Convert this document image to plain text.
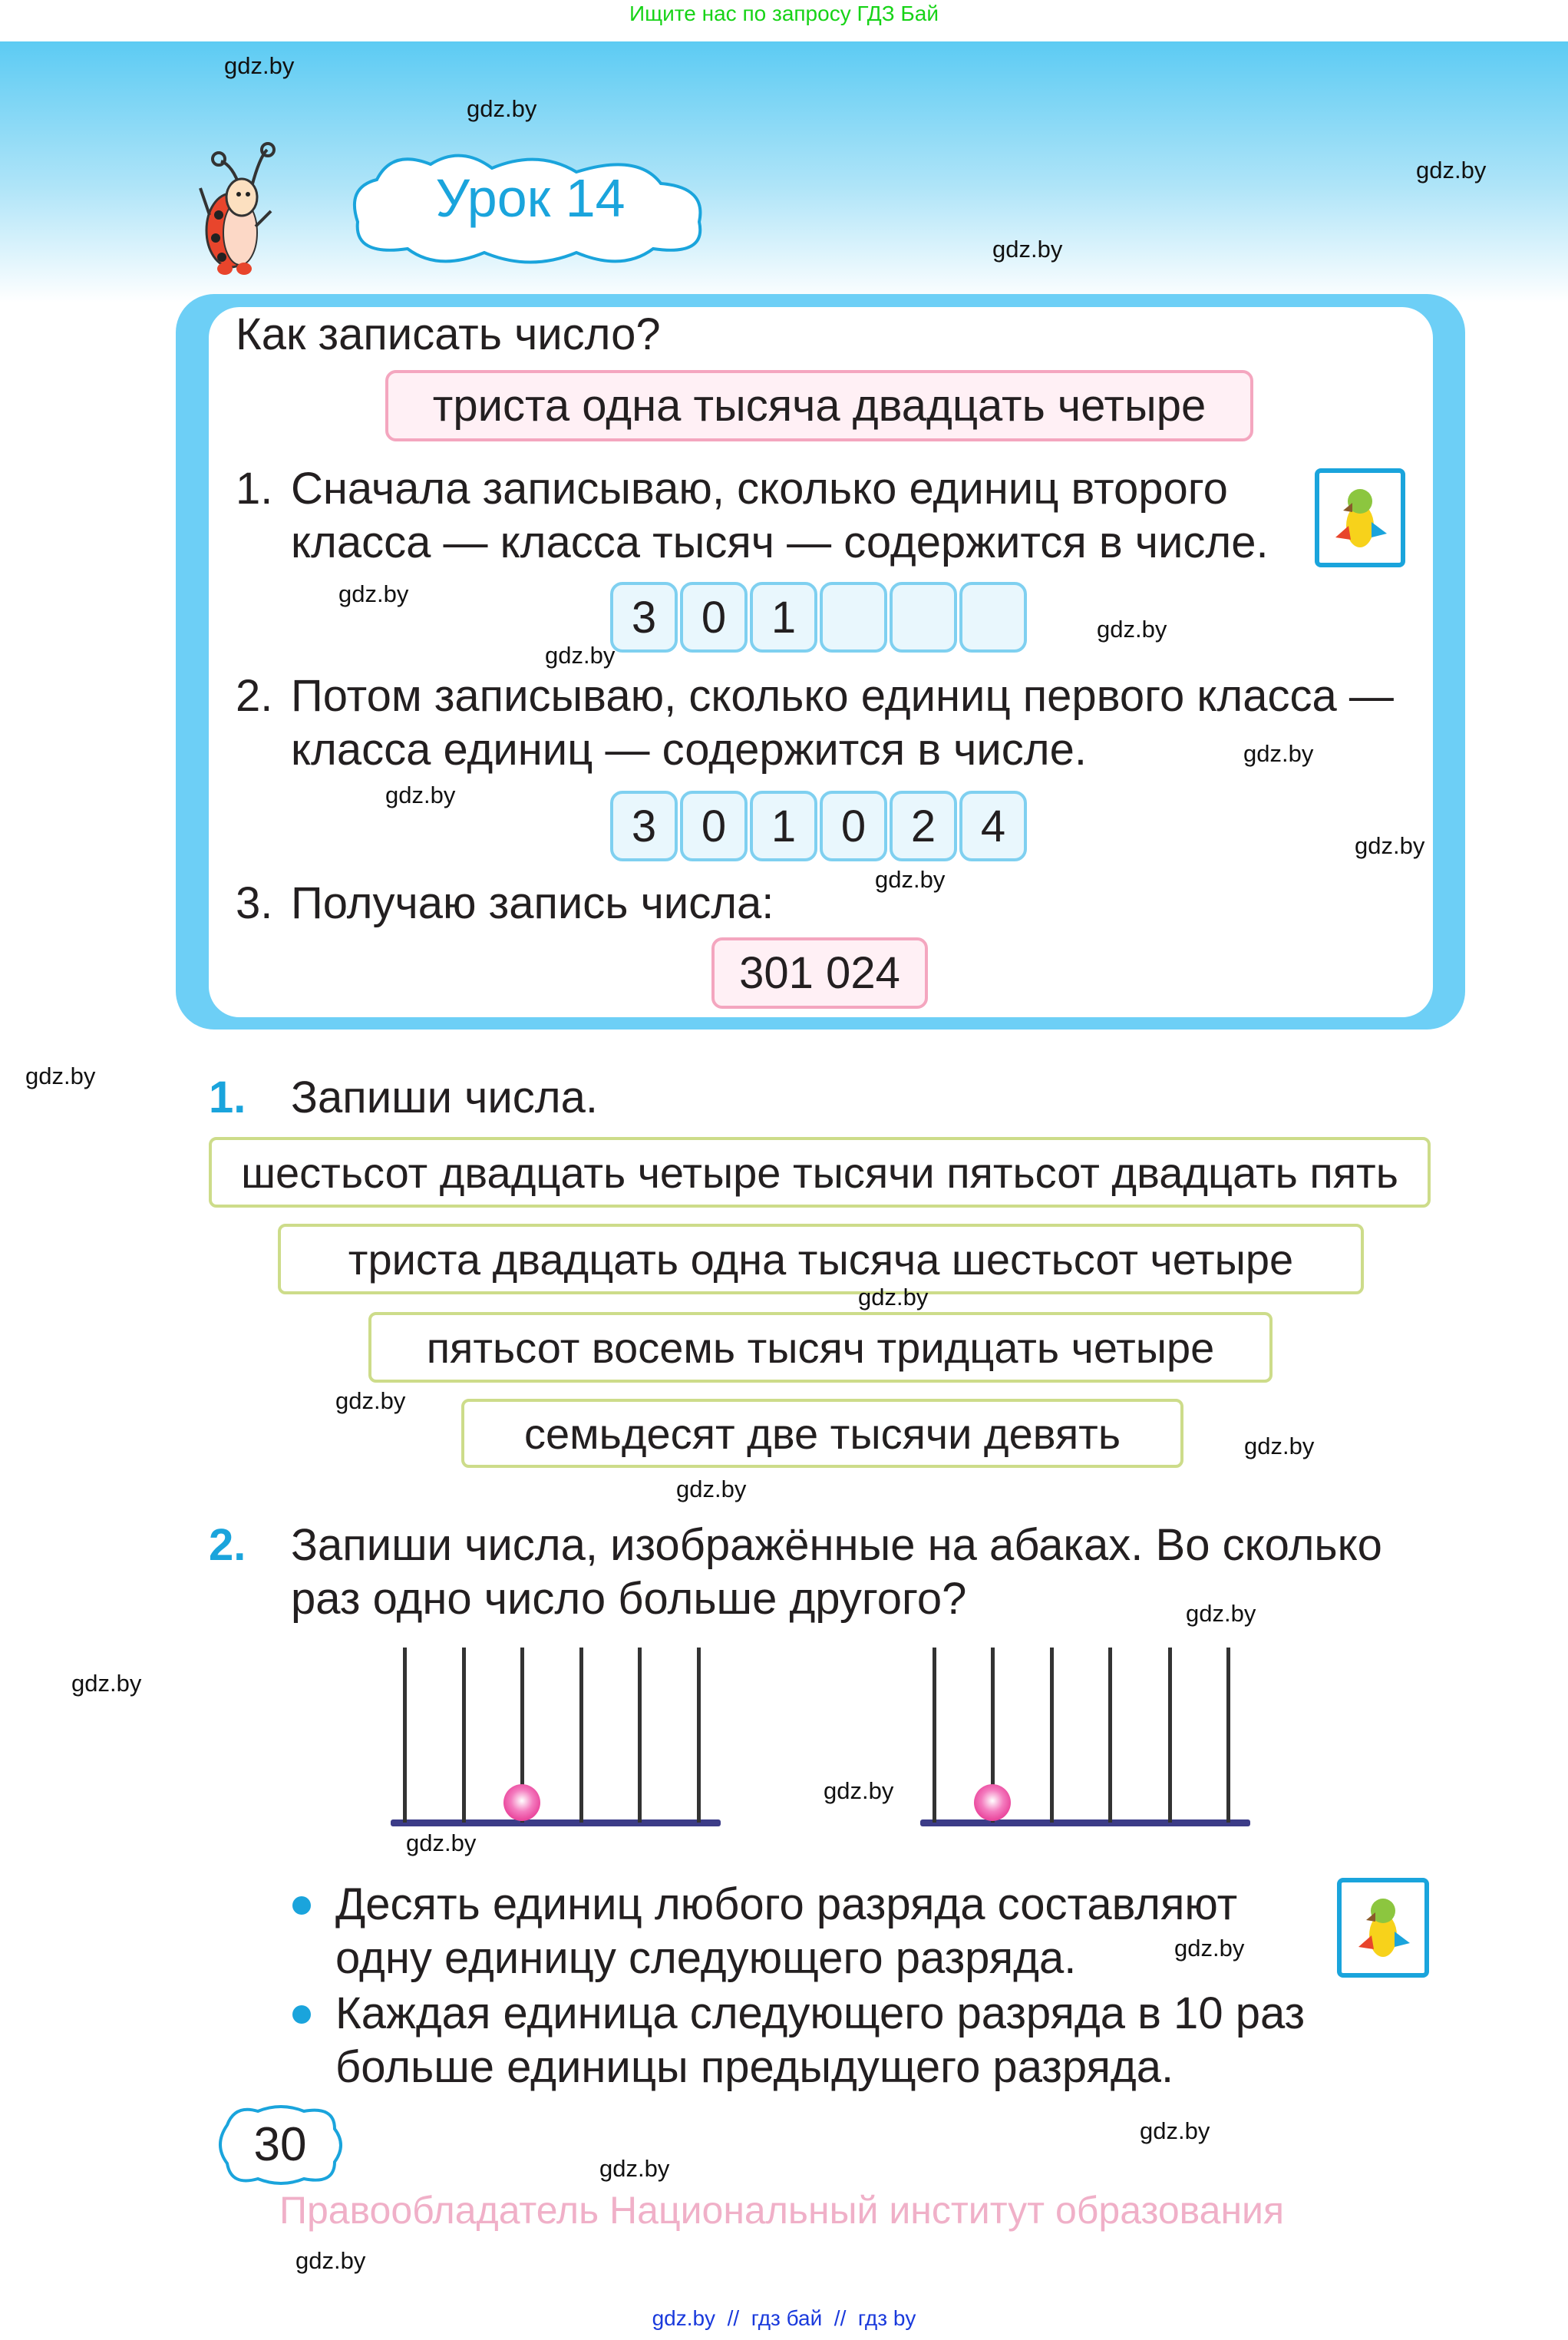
Ищите нас по запросу ГДЗ Бай
Урок 14
Как записать число?
триста одна тысяча двадцать четыре
1. Сначала записываю, сколько единиц второго
класса — класса тысяч — содержится в числе.
3	0	1
2. Потом записываю, сколько единиц первого класса —
класса единиц — содержится в числе.
3	0	1	0	2	4
3. Получаю запись числа:
301 024
1. Запиши числа.
шестьсот двадцать четыре тысячи пятьсот двадцать пять
триста двадцать одна тысяча шестьсот четыре
пятьсот восемь тысяч тридцать четыре
семьдесят две тысячи девять
2. Запиши числа, изображённые на абаках. Во сколько
раз одно число больше другого?
Десять единиц любого разряда составляют
одну единицу следующего разряда.
Каждая единица следующего разряда в 10 раз
больше единицы предыдущего разряда.
30
Правообладатель Национальный институт образования
gdz.by  //  гдз бай  //  гдз by
gdz.by
gdz.by
gdz.by
gdz.by
gdz.by
gdz.by
gdz.by
gdz.by
gdz.by
gdz.by
gdz.by
gdz.by
gdz.by
gdz.by
gdz.by
gdz.by
gdz.by
gdz.by
gdz.by
gdz.by
gdz.by
gdz.by
gdz.by
gdz.by
